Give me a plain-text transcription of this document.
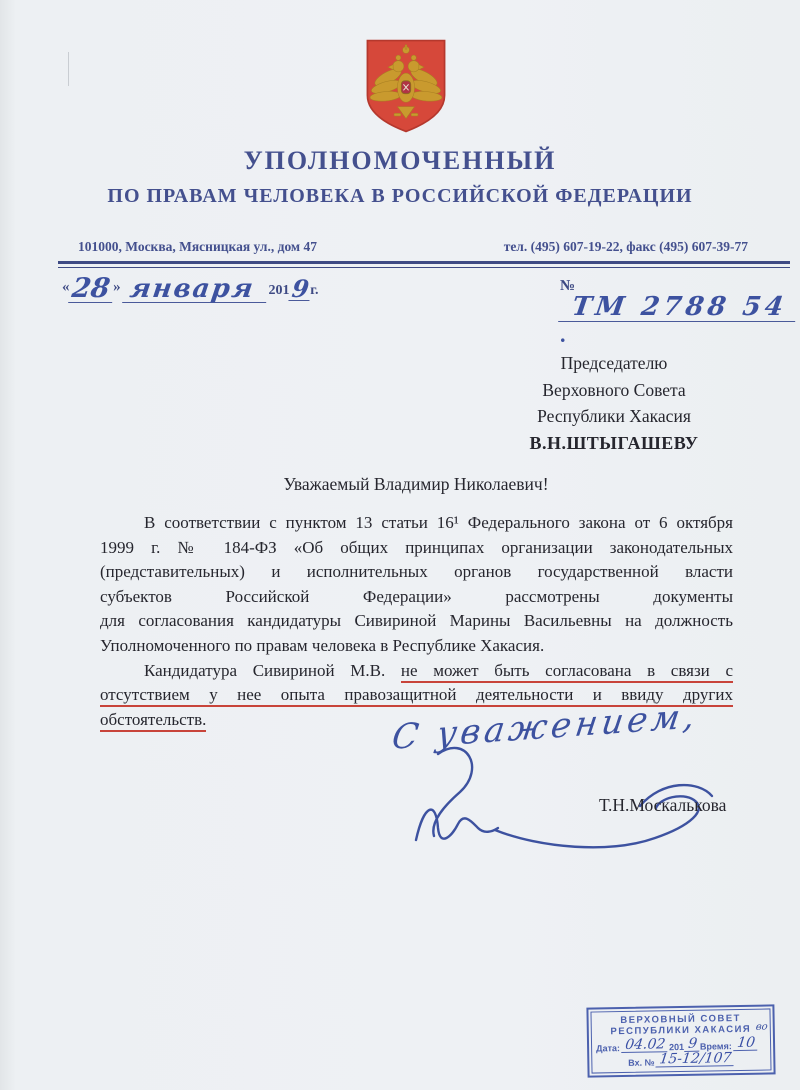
УПОЛНОМОЧЕННЫЙ
ПО ПРАВАМ ЧЕЛОВЕКА В РОССИЙСКОЙ ФЕДЕРАЦИИ
101000, Москва, Мясницкая ул., дом 47	тел. (495) 607-19-22, факс (495) 607-39-77
«28 » января 2019г.	№ ТМ 2788 54.
Председателю
Верховного Совета
Республики Хакасия
В.Н.ШТЫГАШЕВУ
Уважаемый Владимир Николаевич!
В соответствии с пунктом 13 статьи 16¹ Федерального закона от 6 октября
1999 г. № 184-ФЗ «Об общих принципах организации законодательных
(представительных) и исполнительных органов государственной власти
субъектов Российской Федерации» рассмотрены документы
для согласования кандидатуры Сивириной Марины Васильевны на должность
Уполномоченного по правам человека в Республике Хакасия.
Кандидатура Сивириной М.В. не может быть согласована в связи с
отсутствием у нее опыта правозащитной деятельности и ввиду других
обстоятельств.	С уважением,
Т.Н.Москалькова
ВЕРХОВНЫЙ СОВЕТ
РЕСПУБЛИКИ ХАКАСИЯ во
Дата: 04.02 201 9 Время: 10
Вх. № 15-12/107
